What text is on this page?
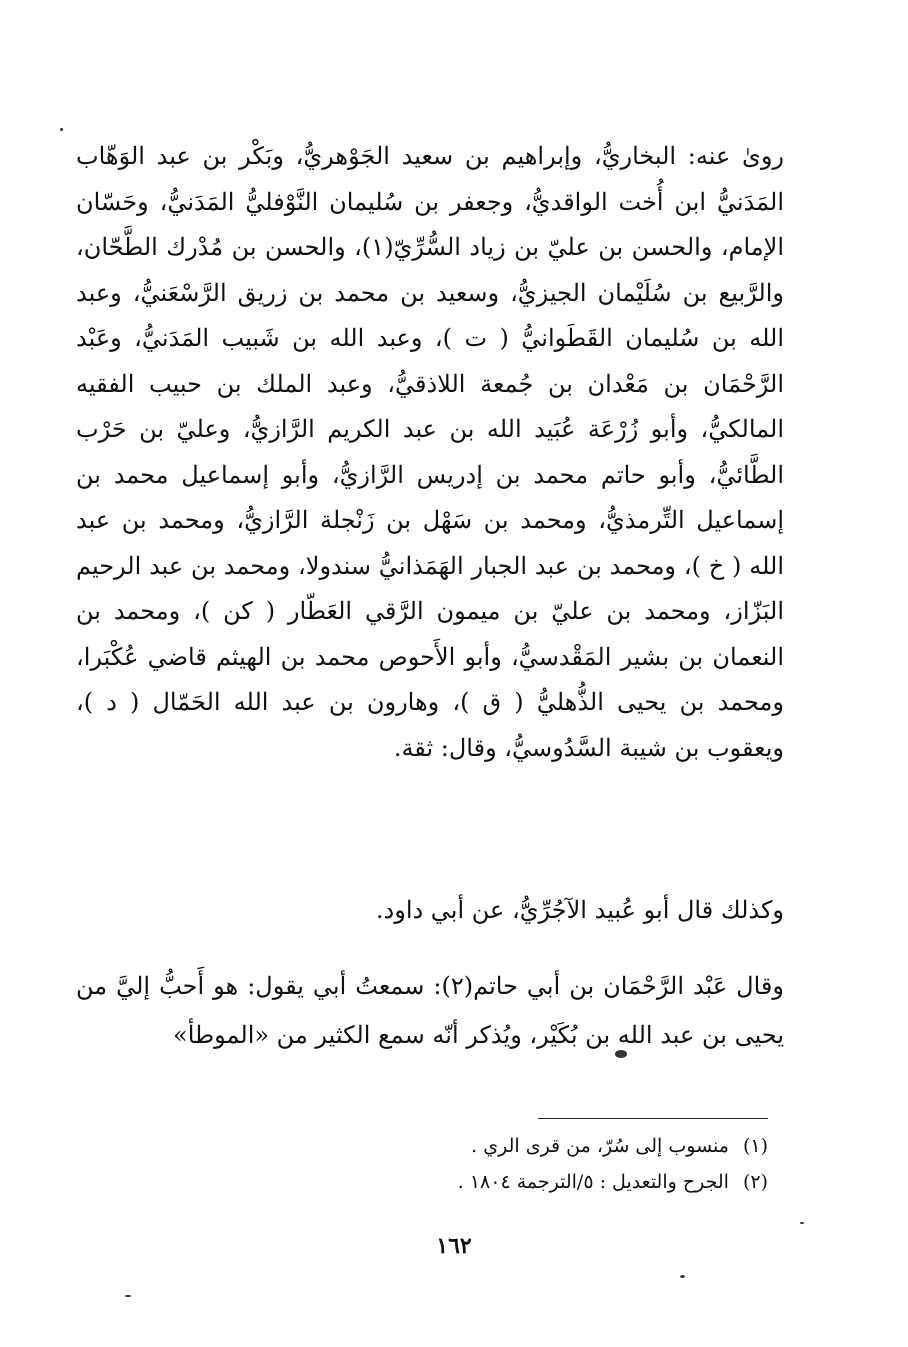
روىٰ عنه: البخاريُّ، وإبراهيم بن سعيد الجَوْهريُّ، وبَكْر بن عبد الوَهّاب المَدَنيُّ ابن أُخت الواقديُّ، وجعفر بن سُليمان النَّوْفليُّ المَدَنيُّ، وحَسّان الإمام، والحسن بن عليّ بن زياد السُّرِّيّ(١)، والحسن بن مُدْرك الطَّحّان، والرَّبيع بن سُلَيْمان الجيزيُّ، وسعيد بن محمد بن زريق الرَّسْعَنيُّ، وعبد الله بن سُليمان القَطَوانيُّ ( ت )، وعبد الله بن شَبيب المَدَنيُّ، وعَبْد الرَّحْمَان بن مَعْدان بن جُمعة اللاذقيُّ، وعبد الملك بن حبيب الفقيه المالكيُّ، وأبو زُرْعَة عُبَيد الله بن عبد الكريم الرَّازيُّ، وعليّ بن حَرْب الطَّائيُّ، وأبو حاتم محمد بن إدريس الرَّازيُّ، وأبو إسماعيل محمد بن إسماعيل التِّرمذيُّ، ومحمد بن سَهْل بن زَنْجلة الرَّازيُّ، ومحمد بن عبد الله ( خ )، ومحمد بن عبد الجبار الهَمَذانيُّ سندولا، ومحمد بن عبد الرحيم البَزّاز، ومحمد بن عليّ بن ميمون الرَّقي العَطّار ( كن )، ومحمد بن النعمان بن بشير المَقْدسيُّ، وأبو الأَحوص محمد بن الهيثم قاضي عُكْبَرا، ومحمد بن يحيى الذُّهليُّ ( ق )، وهارون بن عبد الله الحَمّال ( د )، ويعقوب بن شيبة السَّدُوسيُّ، وقال: ثقة.

وكذلك قال أبو عُبيد الآجُرِّيُّ، عن أبي داود.

وقال عَبْد الرَّحْمَان بن أبي حاتم(٢): سمعتُ أبي يقول: هو أَحبُّ إليَّ من يحيى بن عبد الله بن بُكَيْر، ويُذكر أنّه سمع الكثير من «الموطأ»

(١)منسوب إلى سُرّ، من قرى الري .
(٢)الجرح والتعديل : ٥/الترجمة ١٨٠٤ .
١٦٢
